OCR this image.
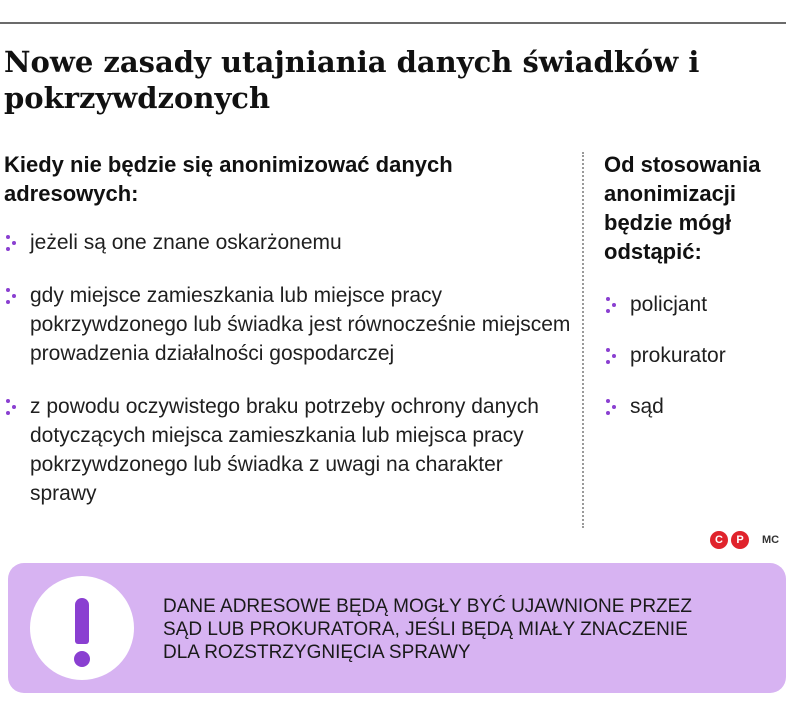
Nowe zasady utajniania danych świadków i pokrzywdzonych
Kiedy nie będzie się anonimizować danych adresowych:
jeżeli są one znane oskarżonemu
gdy miejsce zamieszkania lub miejsce pracy pokrzywdzonego lub świadka jest równocześnie miejscem prowadzenia działalności gospodarczej
z powodu oczywistego braku potrzeby ochrony danych dotyczących miejsca zamieszkania lub miejsca pracy pokrzywdzonego lub świadka z uwagi na charakter sprawy
Od stosowania anonimizacji będzie mógł odstąpić:
policjant
prokurator
sąd
C	P	MC

DANE ADRESOWE BĘDĄ MOGŁY BYĆ UJAWNIONE PRZEZ SĄD LUB PROKURATORA, JEŚLI BĘDĄ MIAŁY ZNACZENIE DLA ROZSTRZYGNIĘCIA SPRAWY
